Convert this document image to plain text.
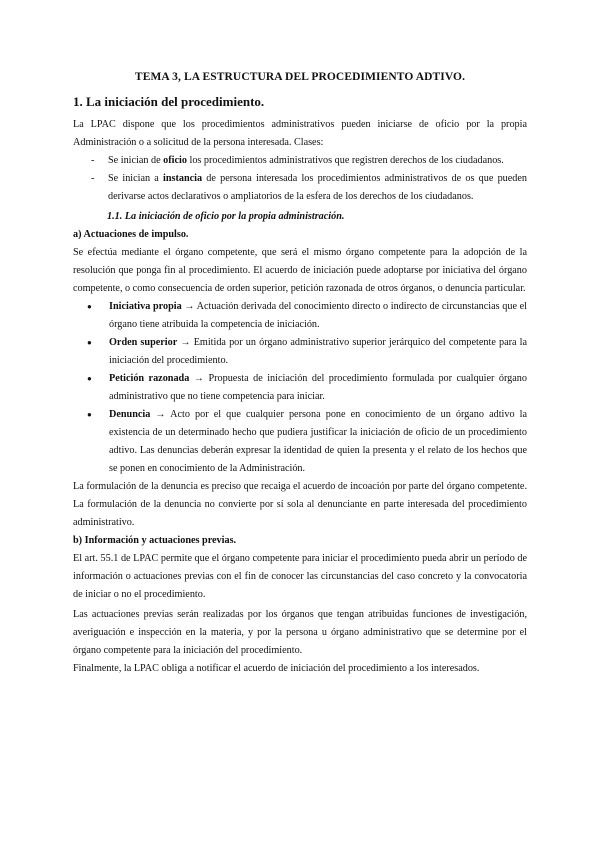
TEMA 3, LA ESTRUCTURA DEL PROCEDIMIENTO ADTIVO.
1. La iniciación del procedimiento.

La LPAC dispone que los procedimientos administrativos pueden iniciarse de oficio por la propia Administración o a solicitud de la persona interesada. Clases:

- Se inician de oficio los procedimientos administrativos que registren derechos de los ciudadanos.
- Se inician a instancia de persona interesada los procedimientos administrativos de os que pueden derivarse actos declarativos o ampliatorios de la esfera de los derechos de los ciudadanos.
1.1. La iniciación de oficio por la propia administración.
a) Actuaciones de impulso.

Se efectúa mediante el órgano competente, que será el mismo órgano competente para la adopción de la resolución que ponga fin al procedimiento. El acuerdo de iniciación puede adoptarse por iniciativa del órgano competente, o como consecuencia de orden superior, petición razonada de otros órganos, o denuncia particular.

● Iniciativa propia → Actuación derivada del conocimiento directo o indirecto de circunstancias que el órgano tiene atribuida la competencia de iniciación.
● Orden superior → Emitida por un órgano administrativo superior jerárquico del competente para la iniciación del procedimiento.
● Petición razonada → Propuesta de iniciación del procedimiento formulada por cualquier órgano administrativo que no tiene competencia para iniciar.
● Denuncia → Acto por el que cualquier persona pone en conocimiento de un órgano adtivo la existencia de un determinado hecho que pudiera justificar la iniciación de oficio de un procedimiento adtivo. Las denuncias deberán expresar la identidad de quien la presenta y el relato de los hechos que se ponen en conocimiento de la Administración.

La formulación de la denuncia es preciso que recaiga el acuerdo de incoación por parte del órgano competente. La formulación de la denuncia no convierte por sí sola al denunciante en parte interesada del procedimiento administrativo.

b) Información y actuaciones previas.

El art. 55.1 de LPAC permite que el órgano competente para iniciar el procedimiento pueda abrir un período de información o actuaciones previas con el fin de conocer las circunstancias del caso concreto y la convocatoria de iniciar o no el procedimiento.

Las actuaciones previas serán realizadas por los órganos que tengan atribuidas funciones de investigación, averiguación e inspección en la materia, y por la persona u órgano administrativo que se determine por el órgano competente para la iniciación del procedimiento.

Finalmente, la LPAC obliga a notificar el acuerdo de iniciación del procedimiento a los interesados.
